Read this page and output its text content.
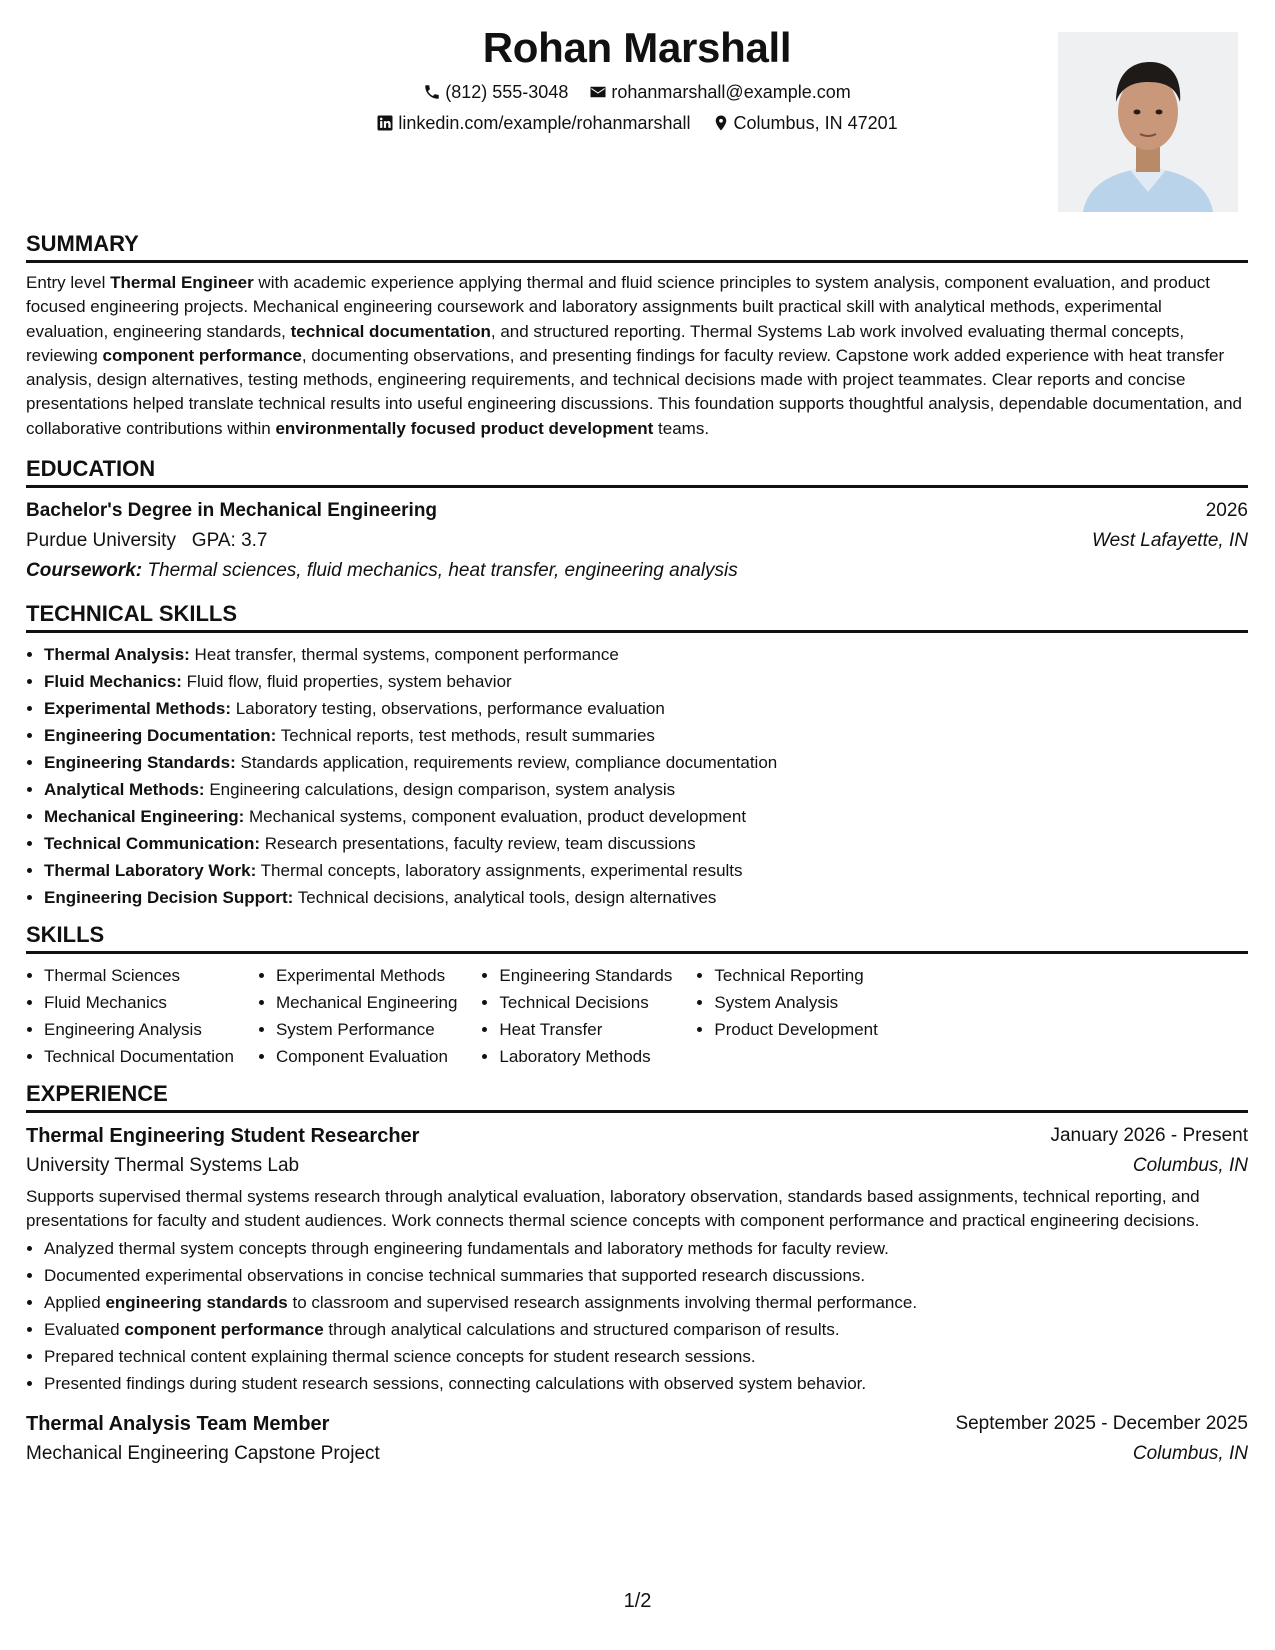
Rohan Marshall
(812) 555-3048
rohanmarshall@example.com
linkedin.com/example/rohanmarshall
Columbus, IN 47201
SUMMARY

Entry level Thermal Engineer with academic experience applying thermal and fluid science principles to system analysis, component evaluation, and product focused engineering projects. Mechanical engineering coursework and laboratory assignments built practical skill with analytical methods, experimental evaluation, engineering standards, technical documentation, and structured reporting. Thermal Systems Lab work involved evaluating thermal concepts, reviewing component performance, documenting observations, and presenting findings for faculty review. Capstone work added experience with heat transfer analysis, design alternatives, testing methods, engineering requirements, and technical decisions made with project teammates. Clear reports and concise presentations helped translate technical results into useful engineering discussions. This foundation supports thoughtful analysis, dependable documentation, and collaborative contributions within environmentally focused product development teams.

EDUCATION
Bachelor's Degree in Mechanical Engineering	2026
Purdue University GPA: 3.7	West Lafayette, IN
Coursework: Thermal sciences, fluid mechanics, heat transfer, engineering analysis
TECHNICAL SKILLS
• Thermal Analysis: Heat transfer, thermal systems, component performance
• Fluid Mechanics: Fluid flow, fluid properties, system behavior
• Experimental Methods: Laboratory testing, observations, performance evaluation
• Engineering Documentation: Technical reports, test methods, result summaries
• Engineering Standards: Standards application, requirements review, compliance documentation
• Analytical Methods: Engineering calculations, design comparison, system analysis
• Mechanical Engineering: Mechanical systems, component evaluation, product development
• Technical Communication: Research presentations, faculty review, team discussions
• Thermal Laboratory Work: Thermal concepts, laboratory assignments, experimental results
• Engineering Decision Support: Technical decisions, analytical tools, design alternatives
SKILLS
• Thermal Sciences
• Fluid Mechanics
• Engineering Analysis
• Technical Documentation
• Experimental Methods
• Mechanical Engineering
• System Performance
• Component Evaluation
• Engineering Standards
• Technical Decisions
• Heat Transfer
• Laboratory Methods
• Technical Reporting
• System Analysis
• Product Development
EXPERIENCE
Thermal Engineering Student Researcher	January 2026 - Present
University Thermal Systems Lab	Columbus, IN

Supports supervised thermal systems research through analytical evaluation, laboratory observation, standards based assignments, technical reporting, and presentations for faculty and student audiences. Work connects thermal science concepts with component performance and practical engineering decisions.

• Analyzed thermal system concepts through engineering fundamentals and laboratory methods for faculty review.
• Documented experimental observations in concise technical summaries that supported research discussions.
• Applied engineering standards to classroom and supervised research assignments involving thermal performance.
• Evaluated component performance through analytical calculations and structured comparison of results.
• Prepared technical content explaining thermal science concepts for student research sessions.
• Presented findings during student research sessions, connecting calculations with observed system behavior.
Thermal Analysis Team Member	September 2025 - December 2025
Mechanical Engineering Capstone Project	Columbus, IN
1/2
